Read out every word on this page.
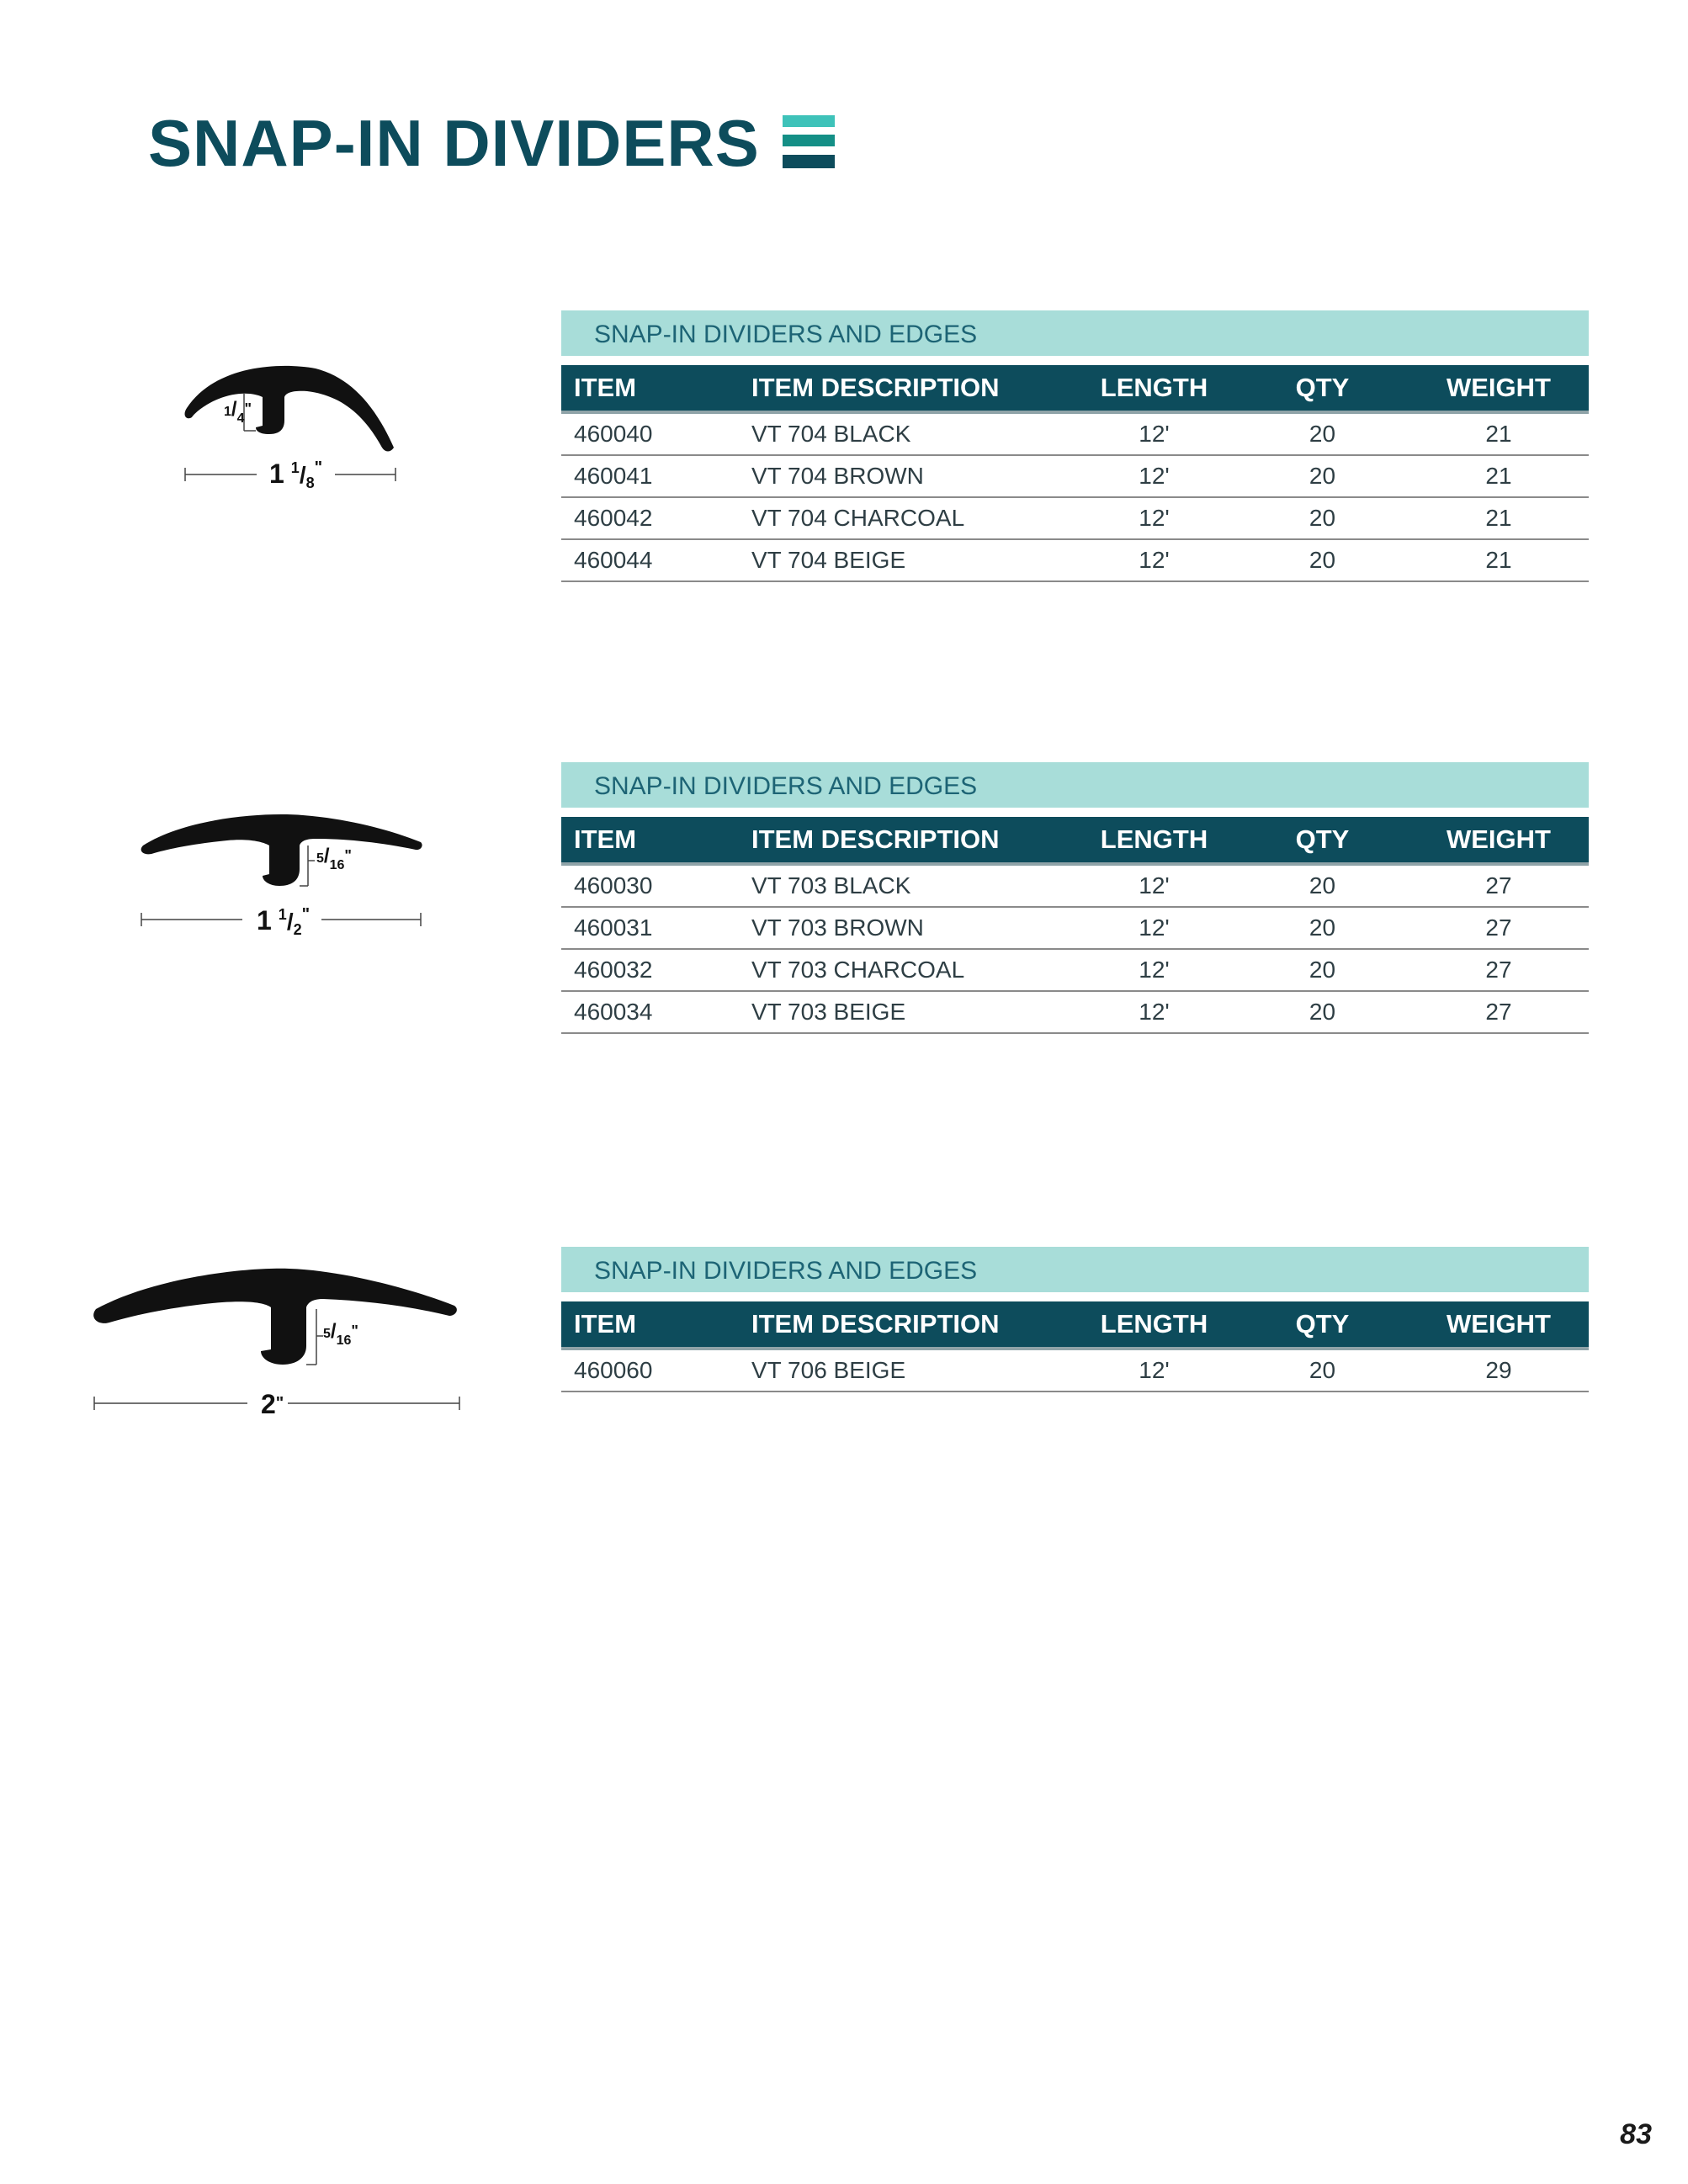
SNAP-IN DIVIDERS
$^1/_4^"$
1 $^1$/8"
SNAP-IN DIVIDERS AND EDGES
ITEM	ITEM DESCRIPTION	LENGTH	QTY	WEIGHT
460040	VT 704 BLACK	12'	20	21
460041	VT 704 BROWN	12'	20	21
460042	VT 704 CHARCOAL	12'	20	21
460044	VT 704 BEIGE	12'	20	21
$^5/_{16}^"$
1 $^1$/2"
SNAP-IN DIVIDERS AND EDGES
ITEM	ITEM DESCRIPTION	LENGTH	QTY	WEIGHT
460030	VT 703 BLACK	12'	20	27
460031	VT 703 BROWN	12'	20	27
460032	VT 703 CHARCOAL	12'	20	27
460034	VT 703 BEIGE	12'	20	27
$^5/_{16}^"$
2"
SNAP-IN DIVIDERS AND EDGES
ITEM	ITEM DESCRIPTION	LENGTH	QTY	WEIGHT
460060	VT 706 BEIGE	12'	20	29
83
